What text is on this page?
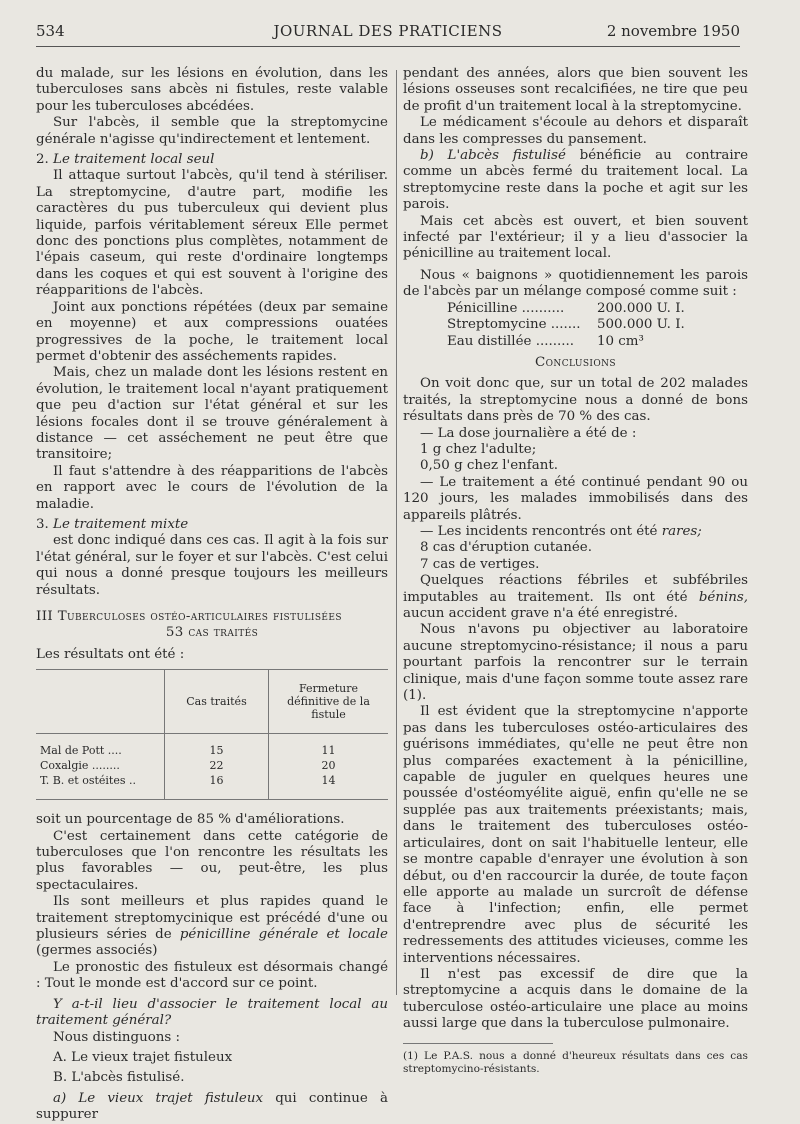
534	JOURNAL DES PRATICIENS	2 novembre 1950

du malade, sur les lésions en évolution, dans les tuberculoses sans abcès ni fistules, reste valable pour les tuberculoses abcédées.

Sur l'abcès, il semble que la streptomycine générale n'agisse qu'indirectement et lentement.

2. Le traitement local seul

Il attaque surtout l'abcès, qu'il tend à stériliser. La streptomycine, d'autre part, modifie les caractères du pus tuberculeux qui devient plus liquide, parfois véritablement séreux Elle permet donc des ponctions plus complètes, notamment de l'épais caseum, qui reste d'ordinaire longtemps dans les coques et qui est souvent à l'origine des réapparitions de l'abcès.

Joint aux ponctions répétées (deux par semaine en moyenne) et aux compressions ouatées progressives de la poche, le traitement local permet d'obtenir des asséchements rapides.

Mais, chez un malade dont les lésions restent en évolution, le traitement local n'ayant pratiquement que peu d'action sur l'état général et sur les lésions focales dont il se trouve généralement à distance — cet asséchement ne peut être que transitoire;

Il faut s'attendre à des réapparitions de l'abcès en rapport avec le cours de l'évolution de la maladie.

3. Le traitement mixte

est donc indiqué dans ces cas. Il agit à la fois sur l'état général, sur le foyer et sur l'abcès. C'est celui qui nous a donné presque toujours les meilleurs résultats.

III Tuberculoses ostéo-articulaires fistulisées

53 cas traités

Les résultats ont été :

	Cas traités	Fermeture définitive de la fistule
Mal de Pott ....	15	11
Coxalgie ........	22	20
T. B. et ostéites ..	16	14

soit un pourcentage de 85 % d'améliorations.

C'est certainement dans cette catégorie de tuberculoses que l'on rencontre les résultats les plus favorables — ou, peut-être, les plus spectaculaires.

Ils sont meilleurs et plus rapides quand le traitement streptomycinique est précédé d'une ou plusieurs séries de pénicilline générale et locale (germes associés)

Le pronostic des fistuleux est désormais changé : Tout le monde est d'accord sur ce point.

Y a-t-il lieu d'associer le traitement local au traitement général?

Nous distinguons :

A. Le vieux trajet fistuleux

B. L'abcès fistulisé.

a) Le vieux trajet fistuleux qui continue à suppurer

pendant des années, alors que bien souvent les lésions osseuses sont recalcifiées, ne tire que peu de profit d'un traitement local à la streptomycine.

Le médicament s'écoule au dehors et disparaît dans les compresses du pansement.

b) L'abcès fistulisé bénéficie au contraire comme un abcès fermé du traitement local. La streptomycine reste dans la poche et agit sur les parois.

Mais cet abcès est ouvert, et bien souvent infecté par l'extérieur; il y a lieu d'associer la pénicilline au traitement local.

Nous « baignons » quotidiennement les parois de l'abcès par un mélange composé comme suit :

Pénicilline ..........	200.000 U. I.
Streptomycine .......	500.000 U. I.
Eau distillée .........	10 cm³

Conclusions

On voit donc que, sur un total de 202 malades traités, la streptomycine nous a donné de bons résultats dans près de 70 % des cas.

— La dose journalière a été de :

1 g chez l'adulte;

0,50 g chez l'enfant.

— Le traitement a été continué pendant 90 ou 120 jours, les malades immobilisés dans des appareils plâtrés.

— Les incidents rencontrés ont été rares;

8 cas d'éruption cutanée.

7 cas de vertiges.

Quelques réactions fébriles et subfébriles imputables au traitement. Ils ont été bénins, aucun accident grave n'a été enregistré.

Nous n'avons pu objectiver au laboratoire aucune streptomycino-résistance; il nous a paru pourtant parfois la rencontrer sur le terrain clinique, mais d'une façon somme toute assez rare (1).

Il est évident que la streptomycine n'apporte pas dans les tuberculoses ostéo-articulaires des guérisons immédiates, qu'elle ne peut être non plus comparées exactement à la pénicilline, capable de juguler en quelques heures une poussée d'ostéomyélite aiguë, enfin qu'elle ne se supplée pas aux traitements préexistants; mais, dans le traitement des tuberculoses ostéo-articulaires, dont on sait l'habituelle lenteur, elle se montre capable d'enrayer une évolution à son début, ou d'en raccourcir la durée, de toute façon elle apporte au malade un surcroît de défense face à l'infection; enfin, elle permet d'entreprendre avec plus de sécurité les redressements des attitudes vicieuses, comme les interventions nécessaires.

Il n'est pas excessif de dire que la streptomycine a acquis dans le domaine de la tuberculose ostéo-articulaire une place au moins aussi large que dans la tuberculose pulmonaire.

(1) Le P.A.S. nous a donné d'heureux résultats dans ces cas streptomycino-résistants.
